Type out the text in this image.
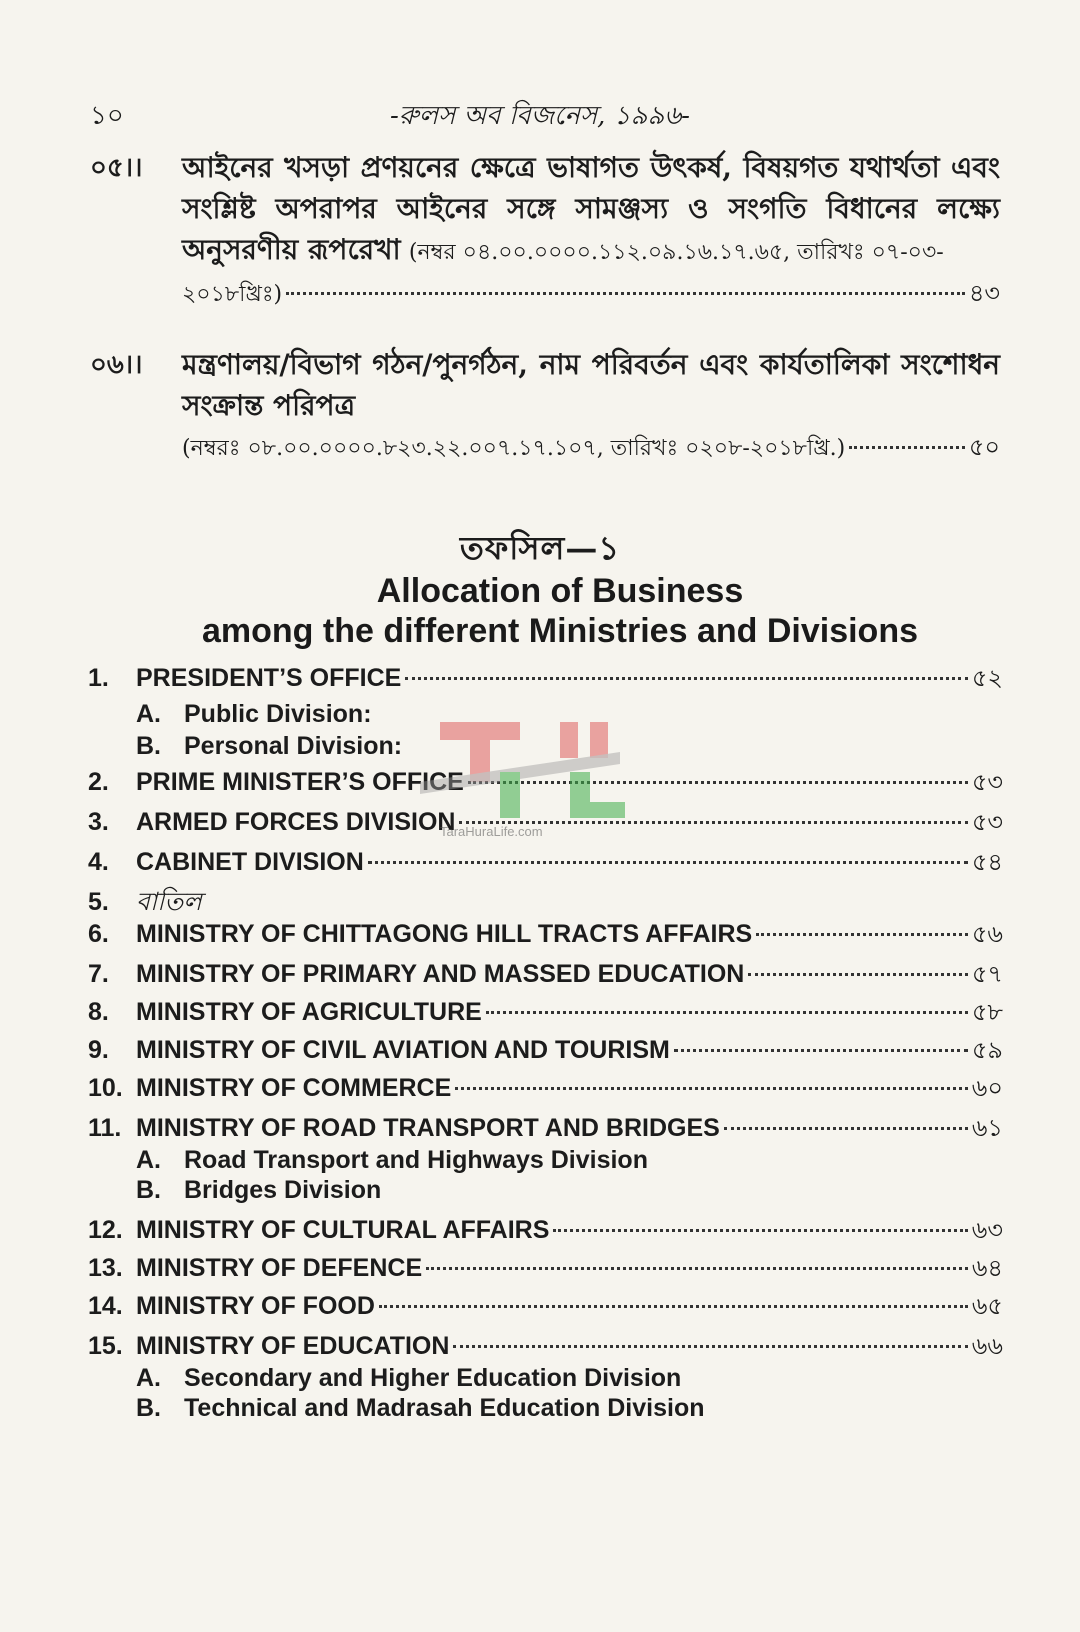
১০	-রুলস অব বিজনেস, ১৯৯৬-
০৫।। আইনের খসড়া প্রণয়নের ক্ষেত্রে ভাষাগত উৎকর্ষ, বিষয়গত যথার্থতা এবং সংশ্লিষ্ট অপরাপর আইনের সঙ্গে সামঞ্জস্য ও সংগতি বিধানের লক্ষ্যে অনুসরণীয় রূপরেখা (নম্বর ০৪.০০.০০০০.১১২.০৯.১৬.১৭.৬৫, তারিখঃ ০৭-০৩-
২০১৮খ্রিঃ)	৪৩
০৬।। মন্ত্রণালয়/বিভাগ গঠন/পুনর্গঠন, নাম পরিবর্তন এবং কার্যতালিকা সংশোধন সংক্রান্ত পরিপত্র
(নম্বরঃ ০৮.০০.০০০০.৮২৩.২২.০০৭.১৭.১০৭, তারিখঃ ০২০৮-২০১৮খ্রি.)	৫০
তফসিল—১
Allocation of Business
among the different Ministries and Divisions
1.	PRESIDENT’S OFFICE	৫২
A. Public Division:
B. Personal Division:
2.	PRIME MINISTER’S OFFICE	৫৩
3.	ARMED FORCES DIVISION	৫৩
4.	CABINET DIVISION	৫৪
5.	বাতিল
6.	MINISTRY OF CHITTAGONG HILL TRACTS AFFAIRS	৫৬
7.	MINISTRY OF PRIMARY AND MASSED EDUCATION	৫৭
8.	MINISTRY OF AGRICULTURE	৫৮
9.	MINISTRY OF CIVIL AVIATION AND TOURISM	৫৯
10. MINISTRY OF COMMERCE	৬০
11. MINISTRY OF ROAD TRANSPORT AND BRIDGES	৬১
A. Road Transport and Highways Division
B. Bridges Division
12. MINISTRY OF CULTURAL AFFAIRS	৬৩
13. MINISTRY OF DEFENCE	৬৪
14. MINISTRY OF FOOD	৬৫
15. MINISTRY OF EDUCATION	৬৬
A. Secondary and Higher Education Division
B. Technical and Madrasah Education Division
TaraHuraLife.com
